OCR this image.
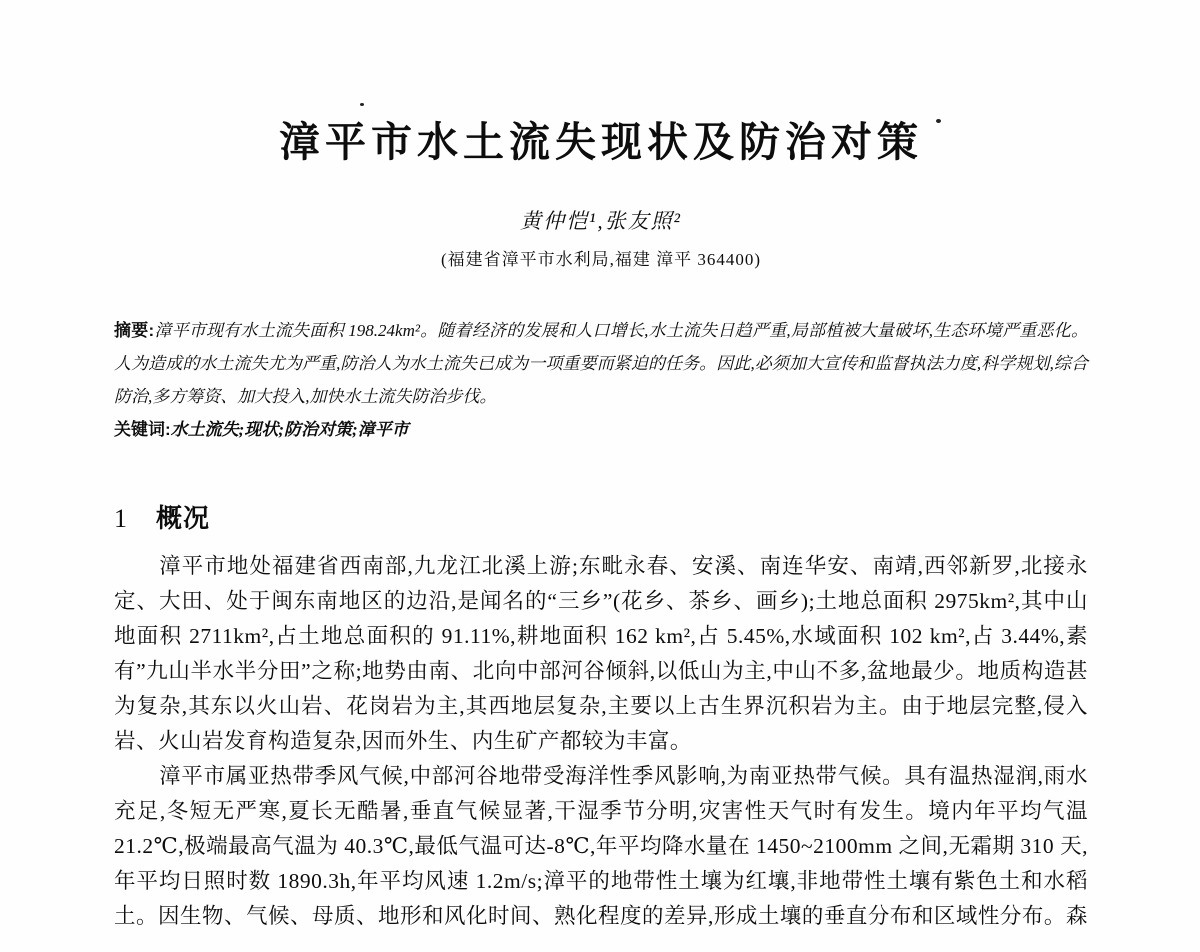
漳平市水土流失现状及防治对策
黄仲恺¹,张友照²
(福建省漳平市水利局,福建 漳平 364400)
摘要:漳平市现有水土流失面积 198.24km²。随着经济的发展和人口增长,水土流失日趋严重,局部植被大量破坏,生态环境严重恶化。人为造成的水土流失尤为严重,防治人为水土流失已成为一项重要而紧迫的任务。因此,必须加大宣传和监督执法力度,科学规划,综合防治,多方筹资、加大投入,加快水土流失防治步伐。
关键词:水土流失;现状;防治对策;漳平市
1 概况

漳平市地处福建省西南部,九龙江北溪上游;东毗永春、安溪、南连华安、南靖,西邻新罗,北接永定、大田、处于闽东南地区的边沿,是闻名的“三乡”(花乡、茶乡、画乡);土地总面积 2975km²,其中山地面积 2711km²,占土地总面积的 91.11%,耕地面积 162 km²,占 5.45%,水域面积 102 km²,占 3.44%,素有”九山半水半分田”之称;地势由南、北向中部河谷倾斜,以低山为主,中山不多,盆地最少。地质构造甚为复杂,其东以火山岩、花岗岩为主,其西地层复杂,主要以上古生界沉积岩为主。由于地层完整,侵入岩、火山岩发育构造复杂,因而外生、内生矿产都较为丰富。

漳平市属亚热带季风气候,中部河谷地带受海洋性季风影响,为南亚热带气候。具有温热湿润,雨水充足,冬短无严寒,夏长无酷暑,垂直气候显著,干湿季节分明,灾害性天气时有发生。境内年平均气温 21.2℃,极端最高气温为 40.3℃,最低气温可达-8℃,年平均降水量在 1450~2100mm 之间,无霜期 310 天,年平均日照时数 1890.3h,年平均风速 1.2m/s;漳平的地带性土壤为红壤,非地带性土壤有紫色土和水稻土。因生物、气候、母质、地形和风化时间、熟化程度的差异,形成土壤的垂直分布和区域性分布。森
